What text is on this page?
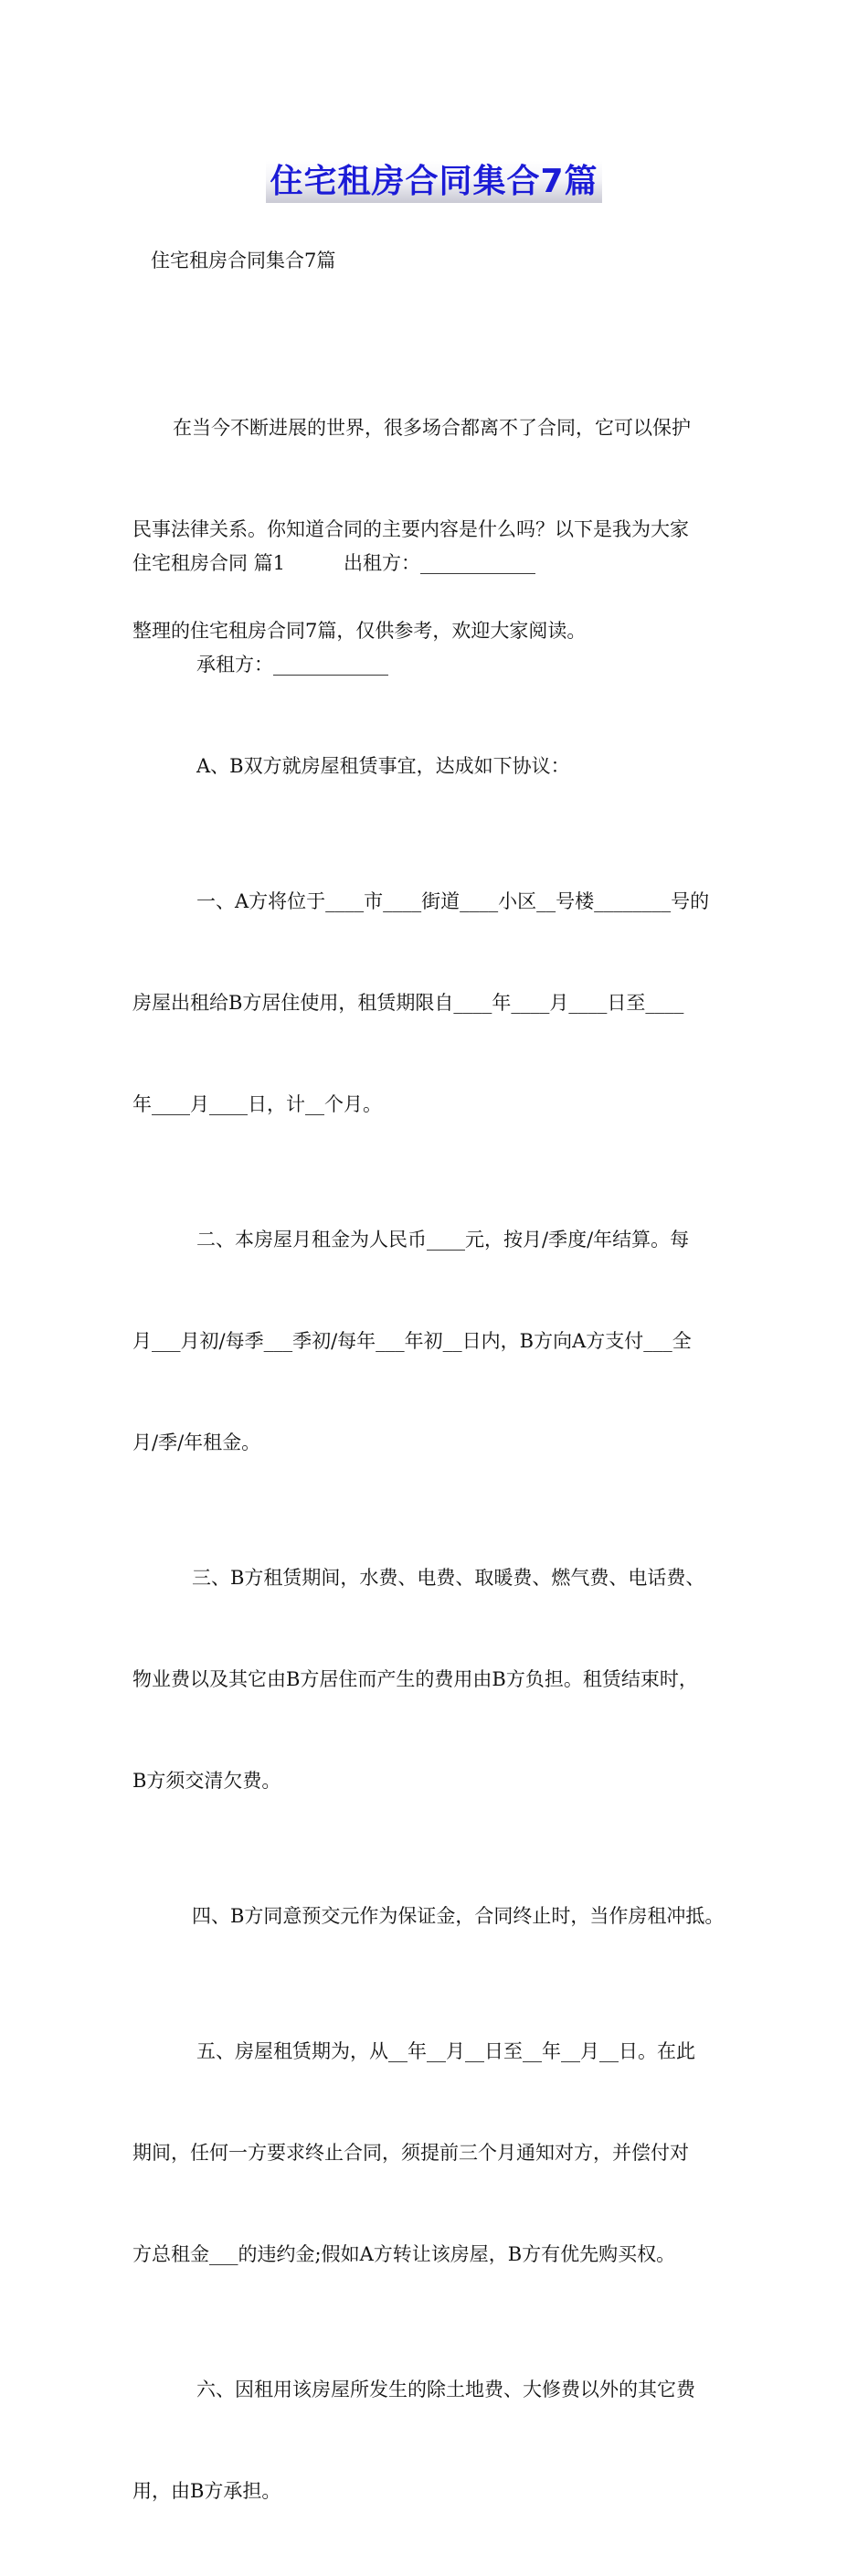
住宅租房合同集合7篇
住宅租房合同集合7篇

在当今不断进展的世界，很多场合都离不了合同，它可以保护

民事法律关系。你知道合同的主要内容是什么吗？以下是我为大家

整理的住宅租房合同7篇，仅供参考，欢迎大家阅读。

住宅租房合同 篇1	出租方：____________

承租方：____________

A、B双方就房屋租赁事宜，达成如下协议：

一、A方将位于____市____街道____小区__号楼________号的

房屋出租给B方居住使用，租赁期限自____年____月____日至____

年____月____日，计__个月。

二、本房屋月租金为人民币____元，按月/季度/年结算。每

月___月初/每季___季初/每年___年初__日内，B方向A方支付___全

月/季/年租金。

三、B方租赁期间，水费、电费、取暖费、燃气费、电话费、

物业费以及其它由B方居住而产生的费用由B方负担。租赁结束时，

B方须交清欠费。

四、B方同意预交元作为保证金，合同终止时，当作房租冲抵。

五、房屋租赁期为，从__年__月__日至__年__月__日。在此

期间，任何一方要求终止合同，须提前三个月通知对方，并偿付对

方总租金___的违约金;假如A方转让该房屋，B方有优先购买权。

六、因租用该房屋所发生的除土地费、大修费以外的其它费

用，由B方承担。
